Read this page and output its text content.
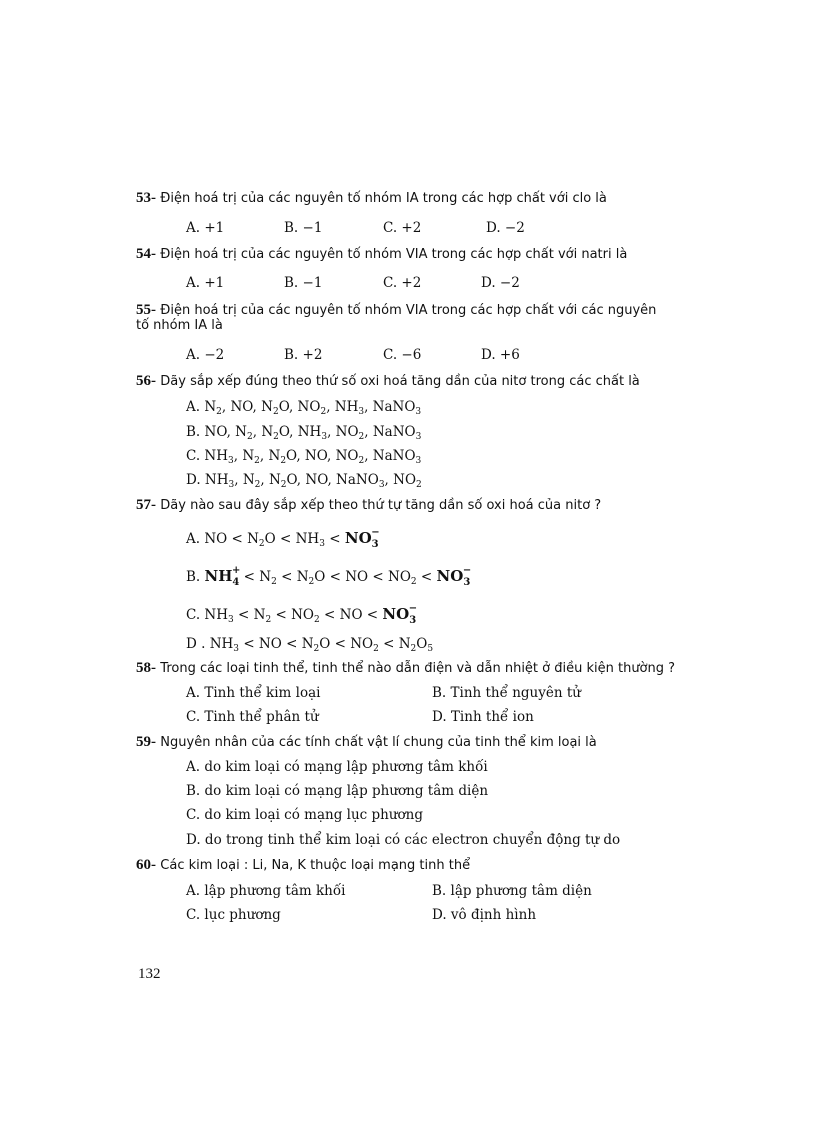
53- Điện hoá trị của các nguyên tố nhóm IA trong các hợp chất với clo là
A. +1	B. −1	C. +2	D. −2
54- Điện hoá trị của các nguyên tố nhóm VIA trong các hợp chất với natri là
A. +1	B. −1	C. +2	D. −2
55- Điện hoá trị của các nguyên tố nhóm VIA trong các hợp chất với các nguyên
tố nhóm IA là
A. −2	B. +2	C. −6	D. +6
56- Dãy sắp xếp đúng theo thứ số oxi hoá tăng dần của nitơ trong các chất là
A. $N_2$, NO, $N_2O$, $NO_2$, $NH_3$, NaNO$_3$
B. NO, $N_2$, $N_2O$, $NH_3$, $NO_2$, NaNO$_3$
C. $NH_3$, $N_2$, $N_2O$, NO, $NO_2$, NaNO$_3$
D. $NH_3$, $N_2$, $N_2O$, NO, NaNO$_3$, $NO_2$
57- Dãy nào sau đây sắp xếp theo thứ tự tăng dần số oxi hoá của nitơ ?
A. NO < $N_2O < NH_3 < NO_3$
−
B. $NH_4$
+ < $N_2 < N_2O$ < NO < $NO_2 < NO_3$
−
C. $NH_3 < N_2 < NO_2$ < NO < $NO_3$
−
D . $NH_3$ < NO < $N_2O < NO_2 < N_2O_5$
58- Trong các loại tinh thể, tinh thể nào dẫn điện và dẫn nhiệt ở điều kiện thường ?
A. Tinh thể kim loại	B. Tinh thể nguyên tử
C. Tinh thể phân tử	D. Tinh thể ion
59- Nguyên nhân của các tính chất vật lí chung của tinh thể kim loại là
A. do kim loại có mạng lập phương tâm khối
B. do kim loại có mạng lập phương tâm diện
C. do kim loại có mạng lục phương
D. do trong tinh thể kim loại có các electron chuyển động tự do
60- Các kim loại : Li, Na, K thuộc loại mạng tinh thể
A. lập phương tâm khối	B. lập phương tâm diện
C. lục phương	D. vô định hình
132
